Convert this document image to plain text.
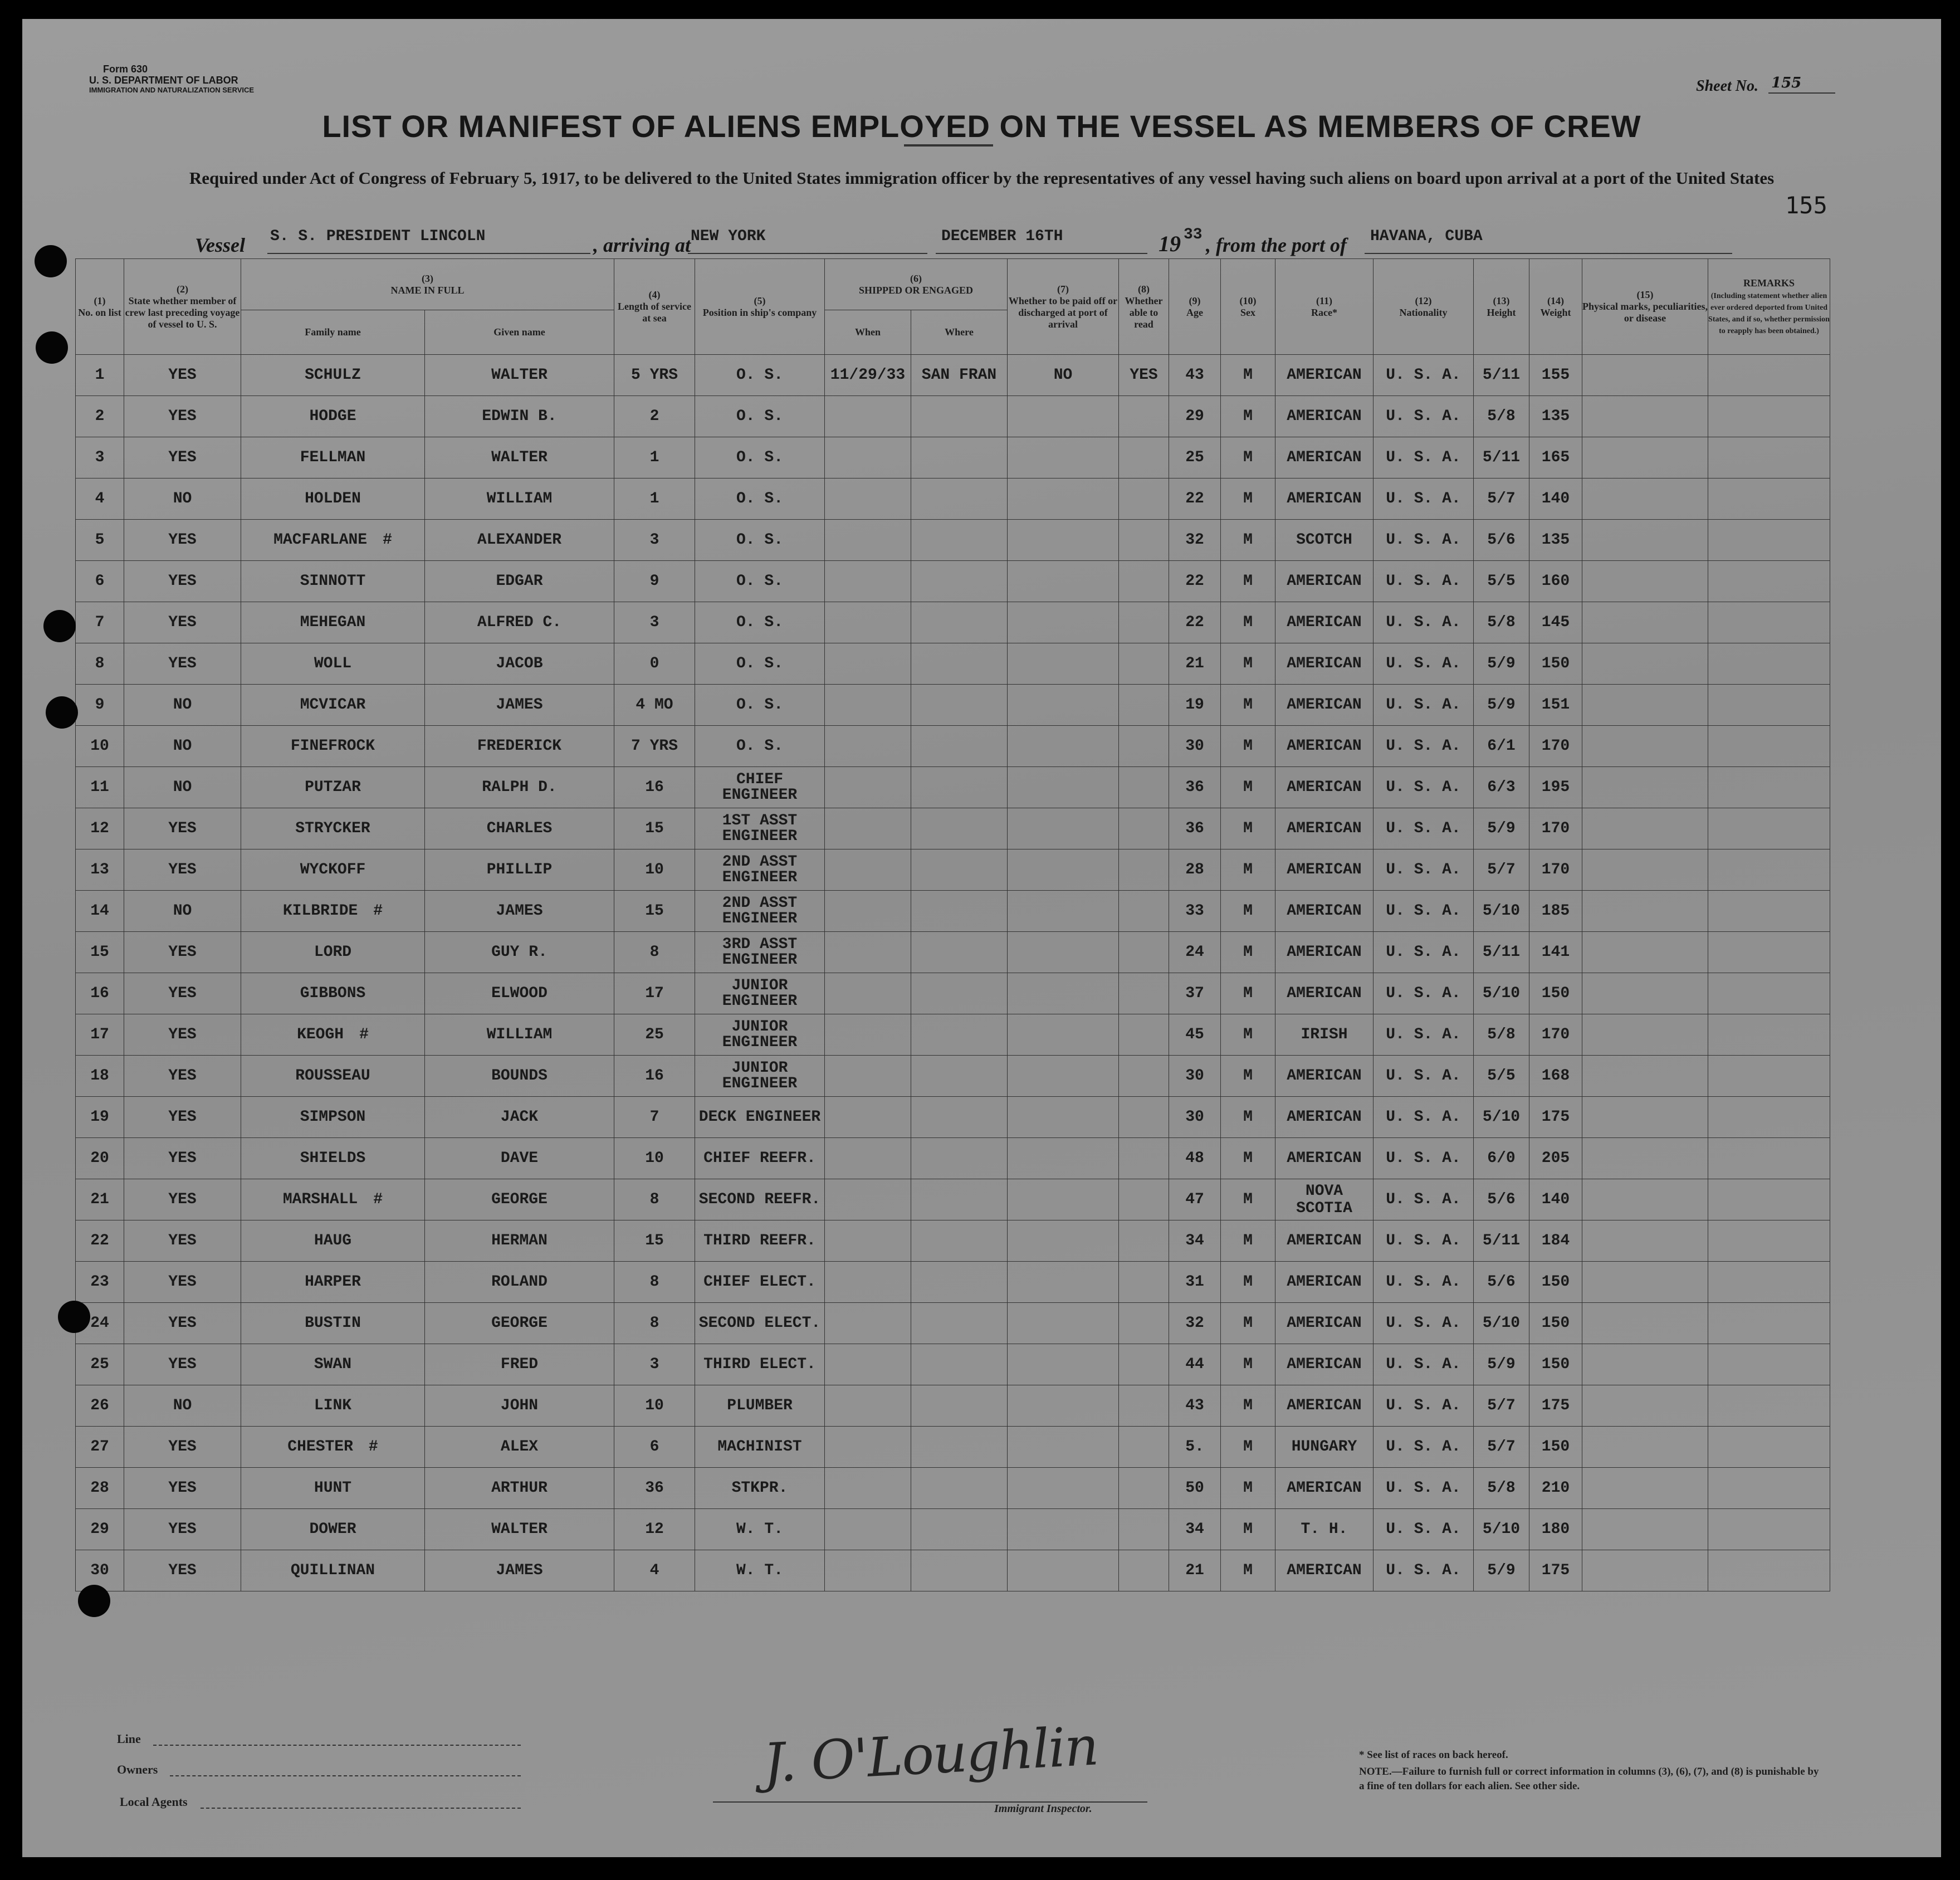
Form 630
U. S. DEPARTMENT OF LABOR
IMMIGRATION AND NATURALIZATION SERVICE	Sheet No. 155
LIST OR MANIFEST OF ALIENS EMPLOYED ON THE VESSEL AS MEMBERS OF CREW
Required under Act of Congress of February 5, 1917, to be delivered to the United States immigration officer by the representatives of any vessel having such aliens on board upon arrival at a port of the United States
155
Vessel S. S. PRESIDENT LINCOLN	, arriving at NEW YORK	DECEMBER 16TH	19 33 , from the port of HAVANA, CUBA
(1)
No. on list	(2)
State whether member of crew last preceding voyage of vessel to U. S.	(3)
NAME IN FULL		(4)
Length of service at sea	(5)
Position in ship's company	(6)
SHIPPED OR ENGAGED		(7)
Whether to be paid off or discharged at port of arrival	(8)
Whether able to read	(9)
Age	(10)
Sex	(11)
Race*	(12)
Nationality	(13)
Height	(14)
Weight	(15)
Physical marks, peculiarities, or disease	REMARKS
(Including statement whether alien ever ordered deported from United States, and if so, whether permission to reapply has been obtained.)
		Family name	Given name			When	Where										
1	YES	SCHULZ	WALTER	5 YRS	O. S.	11/29/33	SAN FRAN	NO	YES	43	M	AMERICAN	U. S. A.	5/11	155		
2	YES	HODGE	EDWIN B.	2	O. S.					29	M	AMERICAN	U. S. A.	5/8	135		
3	YES	FELLMAN	WALTER	1	O. S.					25	M	AMERICAN	U. S. A.	5/11	165		
4	NO	HOLDEN	WILLIAM	1	O. S.					22	M	AMERICAN	U. S. A.	5/7	140		
5	YES	MACFARLANE #	ALEXANDER	3	O. S.					32	M	SCOTCH	U. S. A.	5/6	135		
6	YES	SINNOTT	EDGAR	9	O. S.					22	M	AMERICAN	U. S. A.	5/5	160		
7	YES	MEHEGAN	ALFRED C.	3	O. S.					22	M	AMERICAN	U. S. A.	5/8	145		
8	YES	WOLL	JACOB	0	O. S.					21	M	AMERICAN	U. S. A.	5/9	150		
9	NO	MCVICAR	JAMES	4 MO	O. S.					19	M	AMERICAN	U. S. A.	5/9	151		
10	NO	FINEFROCK	FREDERICK	7 YRS	O. S.					30	M	AMERICAN	U. S. A.	6/1	170		
11	NO	PUTZAR	RALPH D.	16	CHIEF ENGINEER					36	M	AMERICAN	U. S. A.	6/3	195		
12	YES	STRYCKER	CHARLES	15	1ST ASST ENGINEER					36	M	AMERICAN	U. S. A.	5/9	170		
13	YES	WYCKOFF	PHILLIP	10	2ND ASST ENGINEER					28	M	AMERICAN	U. S. A.	5/7	170		
14	NO	KILBRIDE #	JAMES	15	2ND ASST ENGINEER					33	M	AMERICAN	U. S. A.	5/10	185		
15	YES	LORD	GUY R.	8	3RD ASST ENGINEER					24	M	AMERICAN	U. S. A.	5/11	141		
16	YES	GIBBONS	ELWOOD	17	JUNIOR ENGINEER					37	M	AMERICAN	U. S. A.	5/10	150		
17	YES	KEOGH #	WILLIAM	25	JUNIOR ENGINEER					45	M	IRISH	U. S. A.	5/8	170		
18	YES	ROUSSEAU	BOUNDS	16	JUNIOR ENGINEER					30	M	AMERICAN	U. S. A.	5/5	168		
19	YES	SIMPSON	JACK	7	DECK ENGINEER					30	M	AMERICAN	U. S. A.	5/10	175		
20	YES	SHIELDS	DAVE	10	CHIEF REEFR.					48	M	AMERICAN	U. S. A.	6/0	205		
21	YES	MARSHALL #	GEORGE	8	SECOND REEFR.					47	M	NOVA SCOTIA	U. S. A.	5/6	140		
22	YES	HAUG	HERMAN	15	THIRD REEFR.					34	M	AMERICAN	U. S. A.	5/11	184		
23	YES	HARPER	ROLAND	8	CHIEF ELECT.					31	M	AMERICAN	U. S. A.	5/6	150		
24	YES	BUSTIN	GEORGE	8	SECOND ELECT.					32	M	AMERICAN	U. S. A.	5/10	150		
25	YES	SWAN	FRED	3	THIRD ELECT.					44	M	AMERICAN	U. S. A.	5/9	150		
26	NO	LINK	JOHN	10	PLUMBER					43	M	AMERICAN	U. S. A.	5/7	175		
27	YES	CHESTER #	ALEX	6	MACHINIST					5.	M	HUNGARY	U. S. A.	5/7	150		
28	YES	HUNT	ARTHUR	36	STKPR.					50	M	AMERICAN	U. S. A.	5/8	210		
29	YES	DOWER	WALTER	12	W. T.					34	M	T. H.	U. S. A.	5/10	180		
30	YES	QUILLINAN	JAMES	4	W. T.					21	M	AMERICAN	U. S. A.	5/9	175		
Line
Owners
Local Agents
J. O'Loughlin
Immigrant Inspector.
* See list of races on back hereof.
NOTE.—Failure to furnish full or correct information in columns (3), (6), (7), and (8) is punishable by a fine of ten dollars for each alien. See other side.
